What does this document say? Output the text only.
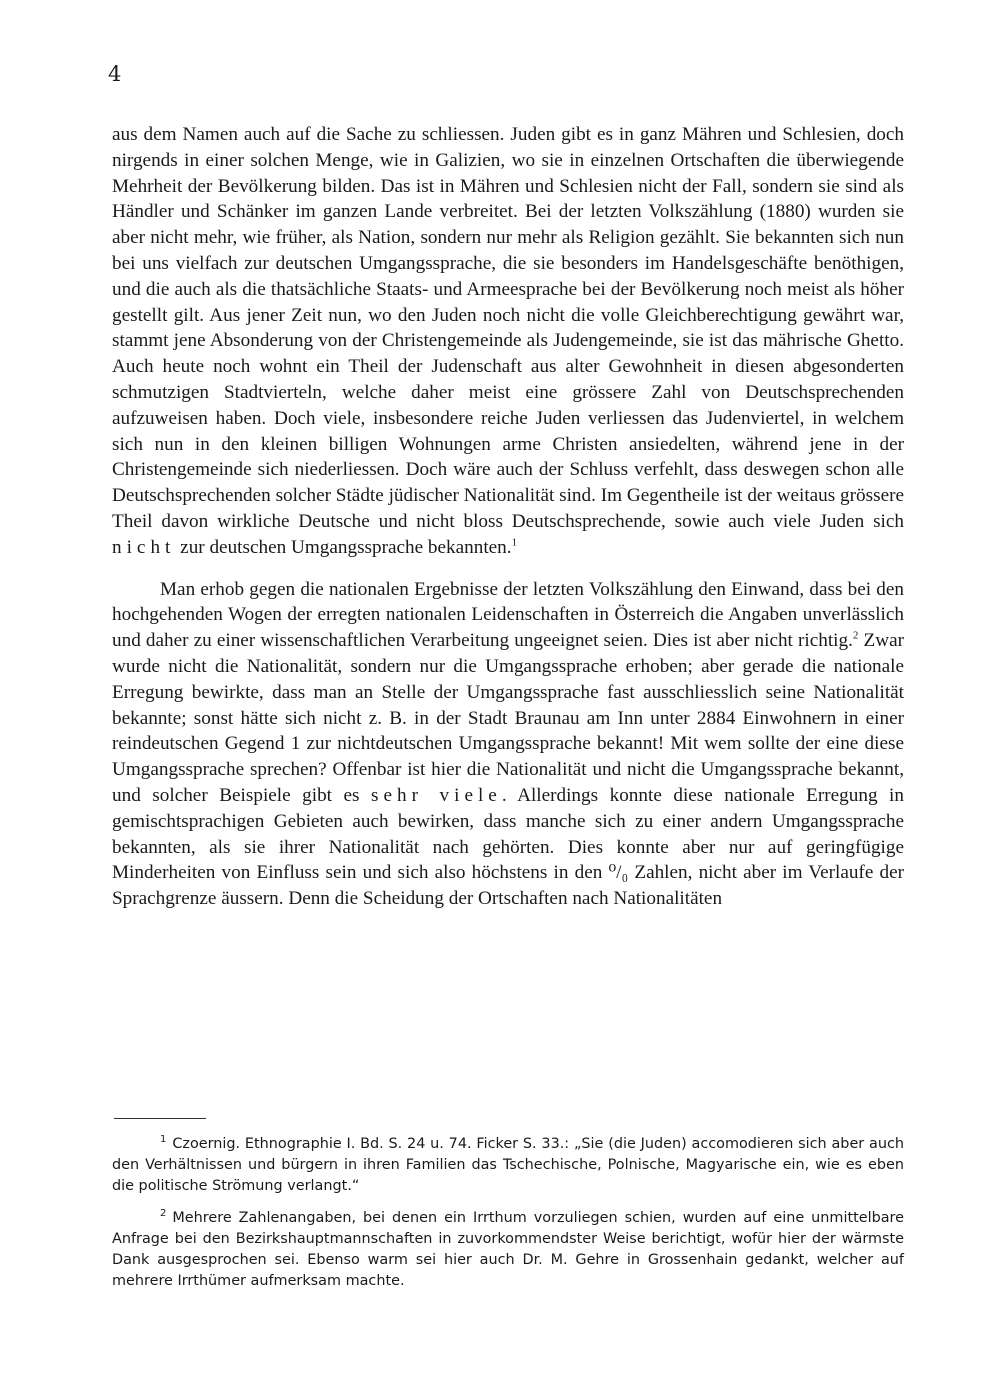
4

aus dem Namen auch auf die Sache zu schliessen. Juden gibt es in ganz Mähren und Schlesien, doch nirgends in einer solchen Menge, wie in Galizien, wo sie in einzelnen Ortschaften die überwiegende Mehrheit der Bevölkerung bilden. Das ist in Mähren und Schlesien nicht der Fall, sondern sie sind als Händler und Schänker im ganzen Lande verbreitet. Bei der letzten Volkszählung (1880) wurden sie aber nicht mehr, wie früher, als Nation, sondern nur mehr als Religion gezählt. Sie bekannten sich nun bei uns vielfach zur deutschen Umgangssprache, die sie besonders im Handelsgeschäfte benöthigen, und die auch als die thatsächliche Staats- und Armeesprache bei der Bevölkerung noch meist als höher gestellt gilt. Aus jener Zeit nun, wo den Juden noch nicht die volle Gleichberechtigung gewährt war, stammt jene Absonderung von der Christengemeinde als Judengemeinde, sie ist das mährische Ghetto. Auch heute noch wohnt ein Theil der Judenschaft aus alter Gewohnheit in diesen abgesonderten schmutzigen Stadtvierteln, welche daher meist eine grössere Zahl von Deutschsprechenden aufzuweisen haben. Doch viele, insbesondere reiche Juden verliessen das Judenviertel, in welchem sich nun in den kleinen billigen Wohnungen arme Christen ansiedelten, während jene in der Christengemeinde sich niederliessen. Doch wäre auch der Schluss verfehlt, dass deswegen schon alle Deutschsprechenden solcher Städte jüdischer Nationalität sind. Im Gegentheile ist der weitaus grössere Theil davon wirkliche Deutsche und nicht bloss Deutschsprechende, sowie auch viele Juden sich nicht zur deutschen Umgangssprache bekannten.$^1$

Man erhob gegen die nationalen Ergebnisse der letzten Volkszählung den Einwand, dass bei den hochgehenden Wogen der erregten nationalen Leidenschaften in Österreich die Angaben unverlässlich und daher zu einer wissenschaftlichen Verarbeitung ungeeignet seien. Dies ist aber nicht richtig.$^2$ Zwar wurde nicht die Nationalität, sondern nur die Umgangssprache erhoben; aber gerade die nationale Erregung bewirkte, dass man an Stelle der Umgangssprache fast ausschliesslich seine Nationalität bekannte; sonst hätte sich nicht z. B. in der Stadt Braunau am Inn unter 2884 Einwohnern in einer reindeutschen Gegend 1 zur nichtdeutschen Umgangssprache bekannt! Mit wem sollte der eine diese Umgangssprache sprechen? Offenbar ist hier die Nationalität und nicht die Umgangssprache bekannt, und solcher Beispiele gibt es sehr viele. Allerdings konnte diese nationale Erregung in gemischtsprachigen Gebieten auch bewirken, dass manche sich zu einer andern Umgangssprache bekannten, als sie ihrer Nationalität nach gehörten. Dies konnte aber nur auf geringfügige Minderheiten von Einfluss sein und sich also höchstens in den ⁰/₀ Zahlen, nicht aber im Verlaufe der Sprachgrenze äussern. Denn die Scheidung der Ortschaften nach Nationalitäten

$^1$ Czoernig. Ethnographie I. Bd. S. 24 u. 74. Ficker S. 33.: „Sie (die Juden) accomodieren sich aber auch den Verhältnissen und bürgern in ihren Familien das Tschechische, Polnische, Magyarische ein, wie es eben die politische Strömung verlangt.“

$^2$ Mehrere Zahlenangaben, bei denen ein Irrthum vorzuliegen schien, wurden auf eine unmittelbare Anfrage bei den Bezirkshauptmannschaften in zuvorkommendster Weise berichtigt, wofür hier der wärmste Dank ausgesprochen sei. Ebenso warm sei hier auch Dr. M. Gehre in Grossenhain gedankt, welcher auf mehrere Irrthümer aufmerksam machte.
